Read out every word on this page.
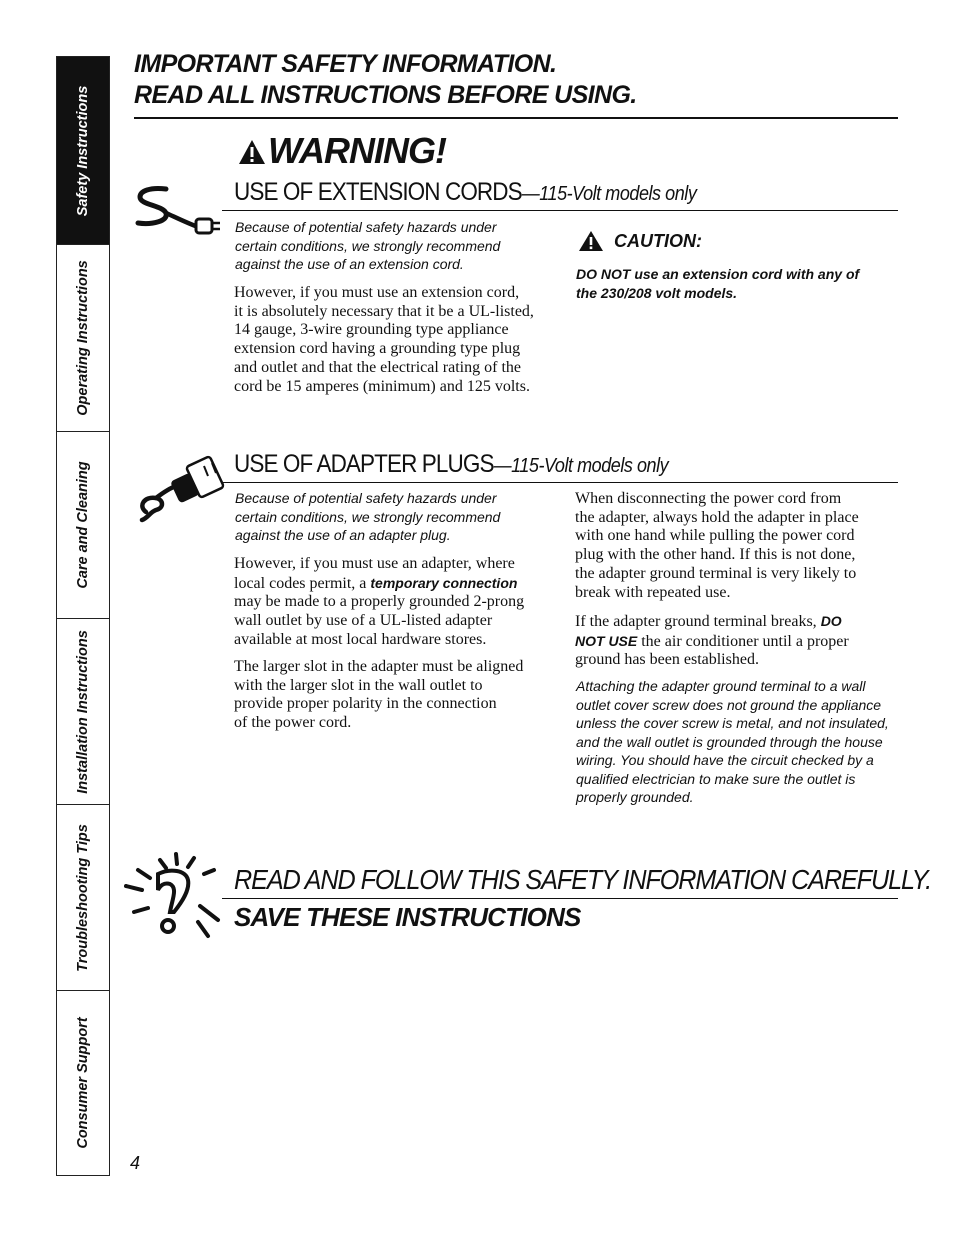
Safety Instructions
Operating Instructions
Care and Cleaning
Installation Instructions
Troubleshooting Tips
Consumer Support
IMPORTANT SAFETY INFORMATION.
READ ALL INSTRUCTIONS BEFORE USING.
WARNING!
USE OF EXTENSION CORDS—115-Volt models only
Because of potential safety hazards under
certain conditions, we strongly recommend
against the use of an extension cord.
However, if you must use an extension cord,
it is absolutely necessary that it be a UL-listed,
14 gauge, 3-wire grounding type appliance
extension cord having a grounding type plug
and outlet and that the electrical rating of the
cord be 15 amperes (minimum) and 125 volts.
CAUTION:
DO NOT use an extension cord with any of
the 230/208 volt models.
USE OF ADAPTER PLUGS—115-Volt models only
Because of potential safety hazards under
certain conditions, we strongly recommend
against the use of an adapter plug.
However, if you must use an adapter, where
local codes permit, a temporary connection
may be made to a properly grounded 2-prong
wall outlet by use of a UL-listed adapter
available at most local hardware stores.
The larger slot in the adapter must be aligned
with the larger slot in the wall outlet to
provide proper polarity in the connection
of the power cord.
When disconnecting the power cord from
the adapter, always hold the adapter in place
with one hand while pulling the power cord
plug with the other hand. If this is not done,
the adapter ground terminal is very likely to
break with repeated use.
If the adapter ground terminal breaks, DO
NOT USE the air conditioner until a proper
ground has been established.
Attaching the adapter ground terminal to a wall
outlet cover screw does not ground the appliance
unless the cover screw is metal, and not insulated,
and the wall outlet is grounded through the house
wiring. You should have the circuit checked by a
qualified electrician to make sure the outlet is
properly grounded.
READ AND FOLLOW THIS SAFETY INFORMATION CAREFULLY.
SAVE THESE INSTRUCTIONS
4
